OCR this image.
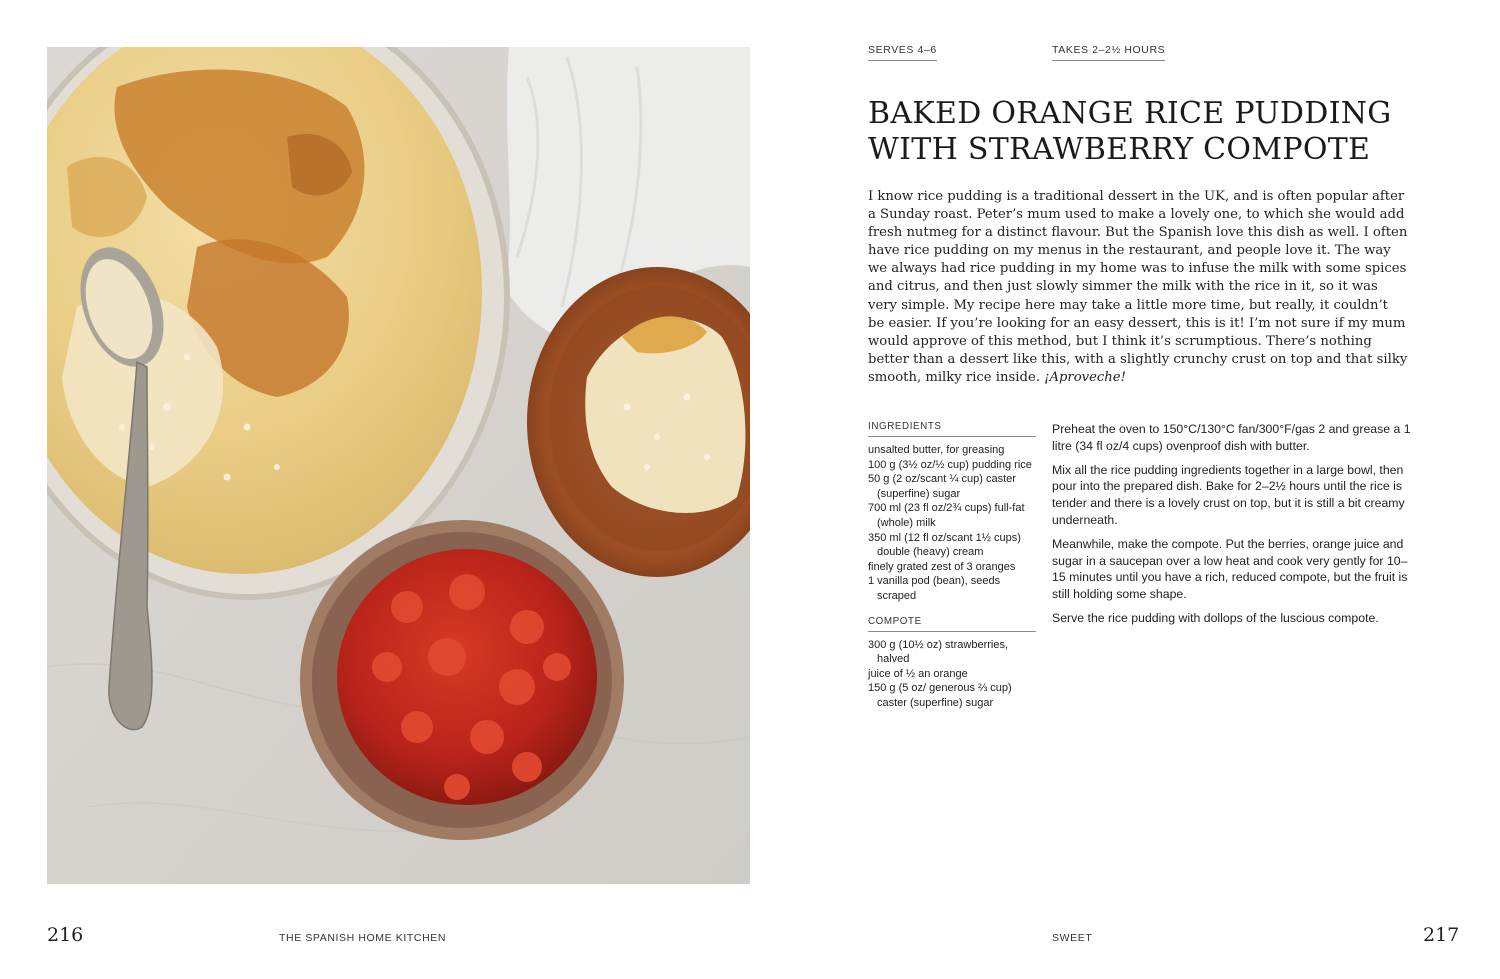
SERVES 4–6	TAKES 2–2½ HOURS
BAKED ORANGE RICE PUDDING WITH STRAWBERRY COMPOTE

I know rice pudding is a traditional dessert in the UK, and is often popular after a Sunday roast. Peter’s mum used to make a lovely one, to which she would add fresh nutmeg for a distinct flavour. But the Spanish love this dish as well. I often have rice pudding on my menus in the restaurant, and people love it. The way we always had rice pudding in my home was to infuse the milk with some spices and citrus, and then just slowly simmer the milk with the rice in it, so it was very simple. My recipe here may take a little more time, but really, it couldn’t be easier. If you’re looking for an easy dessert, this is it! I’m not sure if my mum would approve of this method, but I think it’s scrumptious. There’s nothing better than a dessert like this, with a slightly crunchy crust on top and that silky smooth, milky rice inside. ¡Aproveche!

INGREDIENTS
unsalted butter, for greasing
100 g (3½ oz/½ cup) pudding rice
50 g (2 oz/scant ¼ cup) caster (superfine) sugar
700 ml (23 fl oz/2¾ cups) full-fat (whole) milk
350 ml (12 fl oz/scant 1½ cups) double (heavy) cream
finely grated zest of 3 oranges
1 vanilla pod (bean), seeds scraped
COMPOTE
300 g (10½ oz) strawberries, halved
juice of ½ an orange
150 g (5 oz/ generous ⅔ cup) caster (superfine) sugar

Preheat the oven to 150°C/130°C fan/300°F/gas 2 and grease a 1 litre (34 fl oz/4 cups) ovenproof dish with butter.

Mix all the rice pudding ingredients together in a large bowl, then pour into the prepared dish. Bake for 2–2½ hours until the rice is tender and there is a lovely crust on top, but it is still a bit creamy underneath.

Meanwhile, make the compote. Put the berries, orange juice and sugar in a saucepan over a low heat and cook very gently for 10–15 minutes until you have a rich, reduced compote, but the fruit is still holding some shape.

Serve the rice pudding with dollops of the luscious compote.

216	THE SPANISH HOME KITCHEN	SWEET	217
